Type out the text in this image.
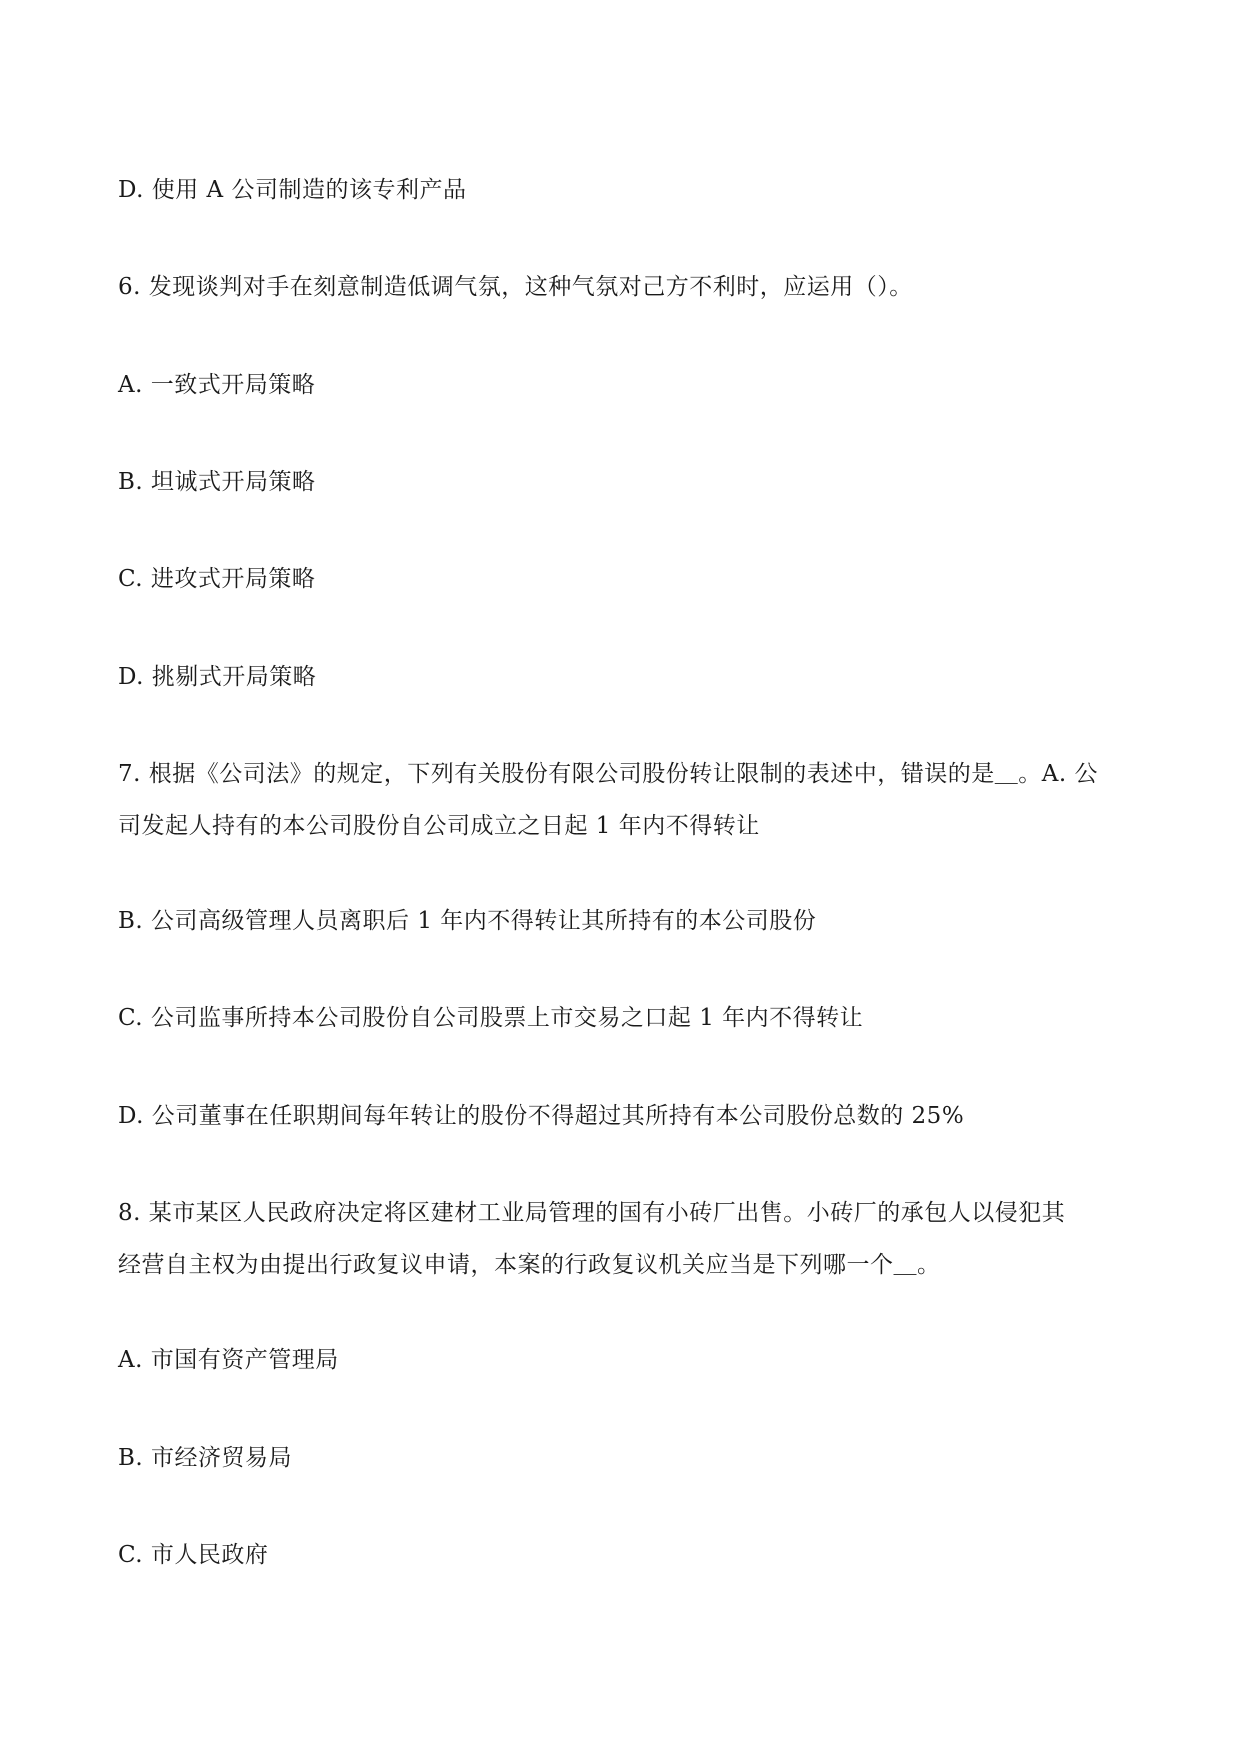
D. 使用 A 公司制造的该专利产品
6. 发现谈判对手在刻意制造低调气氛，这种气氛对己方不利时，应运用（）。
A. 一致式开局策略
B. 坦诚式开局策略
C. 进攻式开局策略
D. 挑剔式开局策略
7. 根据《公司法》的规定，下列有关股份有限公司股份转让限制的表述中，错误的是＿。A. 公
司发起人持有的本公司股份自公司成立之日起 1 年内不得转让
B. 公司高级管理人员离职后 1 年内不得转让其所持有的本公司股份
C. 公司监事所持本公司股份自公司股票上市交易之口起 1 年内不得转让
D. 公司董事在任职期间每年转让的股份不得超过其所持有本公司股份总数的 25%
8. 某市某区人民政府决定将区建材工业局管理的国有小砖厂出售。小砖厂的承包人以侵犯其
经营自主权为由提出行政复议申请，本案的行政复议机关应当是下列哪一个＿。
A. 市国有资产管理局
B. 市经济贸易局
C. 市人民政府
